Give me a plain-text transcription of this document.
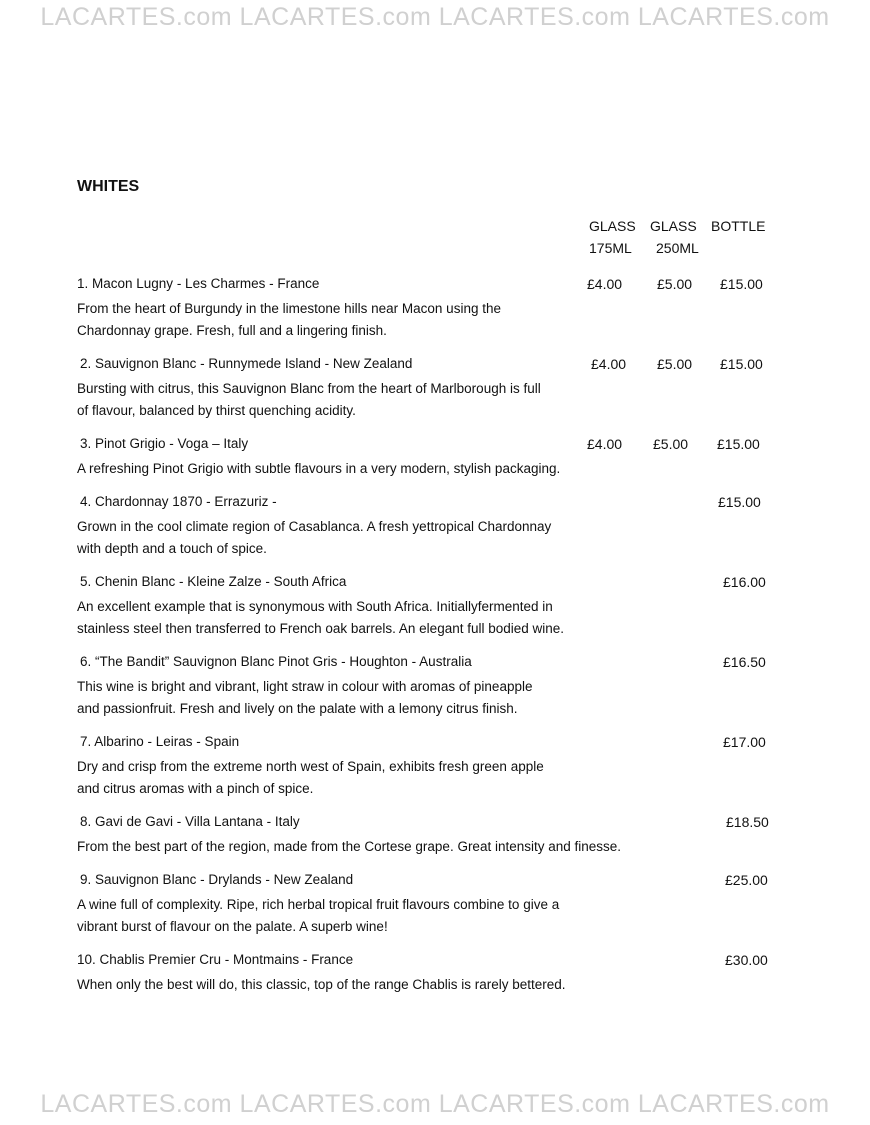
LACARTES.com LACARTES.com LACARTES.com LACARTES.com
WHITES
GLASS
175ML
GLASS
250ML
BOTTLE
1. Macon Lugny - Les Charmes - France
From the heart of Burgundy in the limestone hills near Macon using the
Chardonnay grape. Fresh, full and a lingering finish.
£4.00 £5.00 £15.00
2. Sauvignon Blanc - Runnymede Island - New Zealand
Bursting with citrus, this Sauvignon Blanc from the heart of Marlborough is full
of flavour, balanced by thirst quenching acidity.
£4.00 £5.00 £15.00
3. Pinot Grigio - Voga – Italy
A refreshing Pinot Grigio with subtle flavours in a very modern, stylish packaging.
£4.00 £5.00 £15.00
4. Chardonnay 1870 - Errazuriz -
Grown in the cool climate region of Casablanca. A fresh yettropical Chardonnay
with depth and a touch of spice.
£15.00
5. Chenin Blanc - Kleine Zalze - South Africa
An excellent example that is synonymous with South Africa. Initiallyfermented in
stainless steel then transferred to French oak barrels. An elegant full bodied wine.
£16.00
6. “The Bandit” Sauvignon Blanc Pinot Gris - Houghton - Australia
This wine is bright and vibrant, light straw in colour with aromas of pineapple
and passionfruit. Fresh and lively on the palate with a lemony citrus finish.
£16.50
7. Albarino - Leiras - Spain
Dry and crisp from the extreme north west of Spain, exhibits fresh green apple
and citrus aromas with a pinch of spice.
£17.00
8. Gavi de Gavi - Villa Lantana - Italy
From the best part of the region, made from the Cortese grape. Great intensity and finesse.
£18.50
9. Sauvignon Blanc - Drylands - New Zealand
A wine full of complexity. Ripe, rich herbal tropical fruit flavours combine to give a
vibrant burst of flavour on the palate. A superb wine!
£25.00
10. Chablis Premier Cru - Montmains - France
When only the best will do, this classic, top of the range Chablis is rarely bettered.
£30.00
LACARTES.com LACARTES.com LACARTES.com LACARTES.com
